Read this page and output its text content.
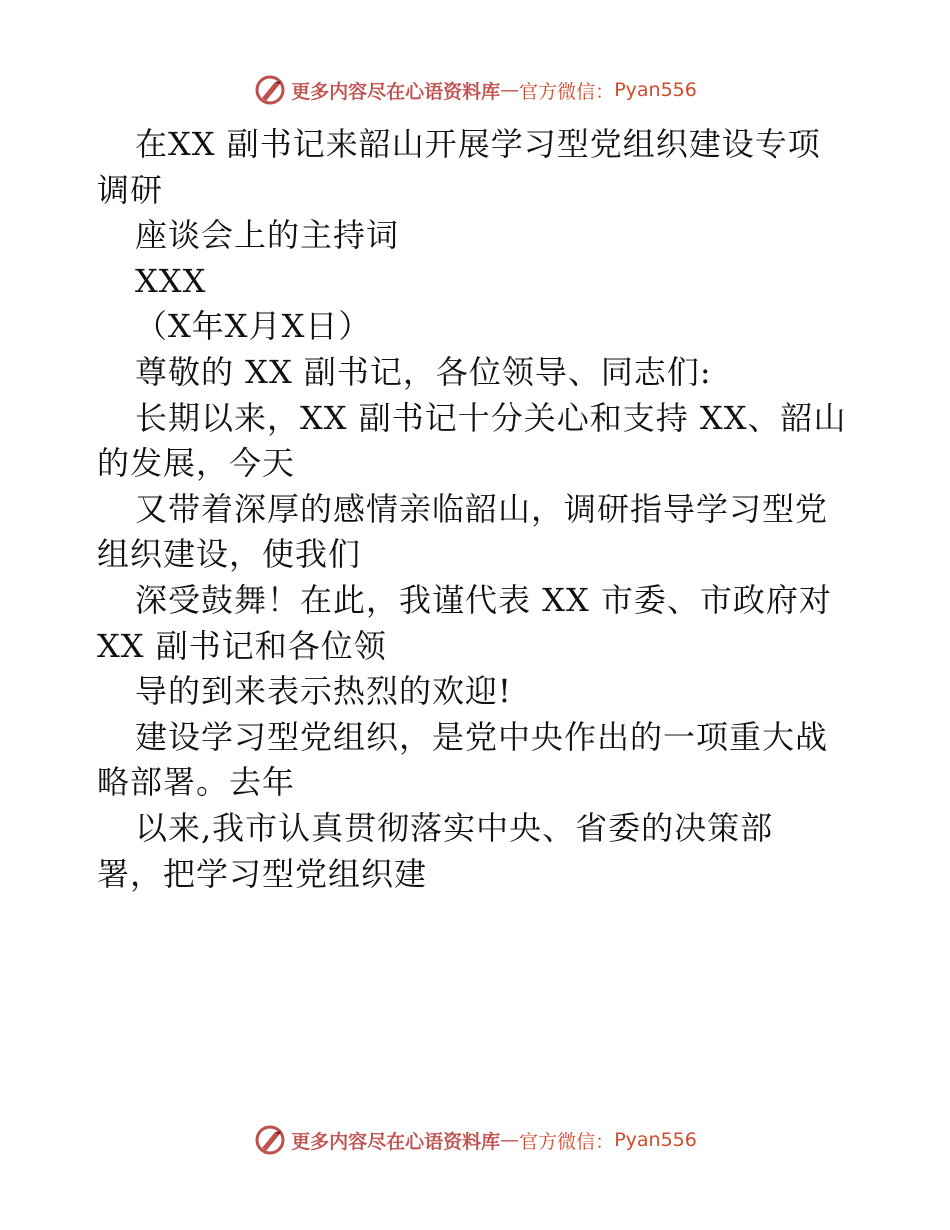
更多内容尽在心语资料库 — 官方微信： Pyan556
在XX 副书记来韶山开展学习型党组织建设专项
调研
座谈会上的主持词
XXX
（X年X月X日）
尊敬的 XX 副书记，各位领导、同志们:
长期以来，XX 副书记十分关心和支持 XX、韶山
的发展，今天
又带着深厚的感情亲临韶山，调研指导学习型党
组织建设，使我们
深受鼓舞！在此，我谨代表 XX 市委、市政府对
XX 副书记和各位领
导的到来表示热烈的欢迎!
建设学习型党组织，是党中央作出的一项重大战
略部署。去年
以来,我市认真贯彻落实中央、省委的决策部
署，把学习型党组织建
更多内容尽在心语资料库 — 官方微信： Pyan556
